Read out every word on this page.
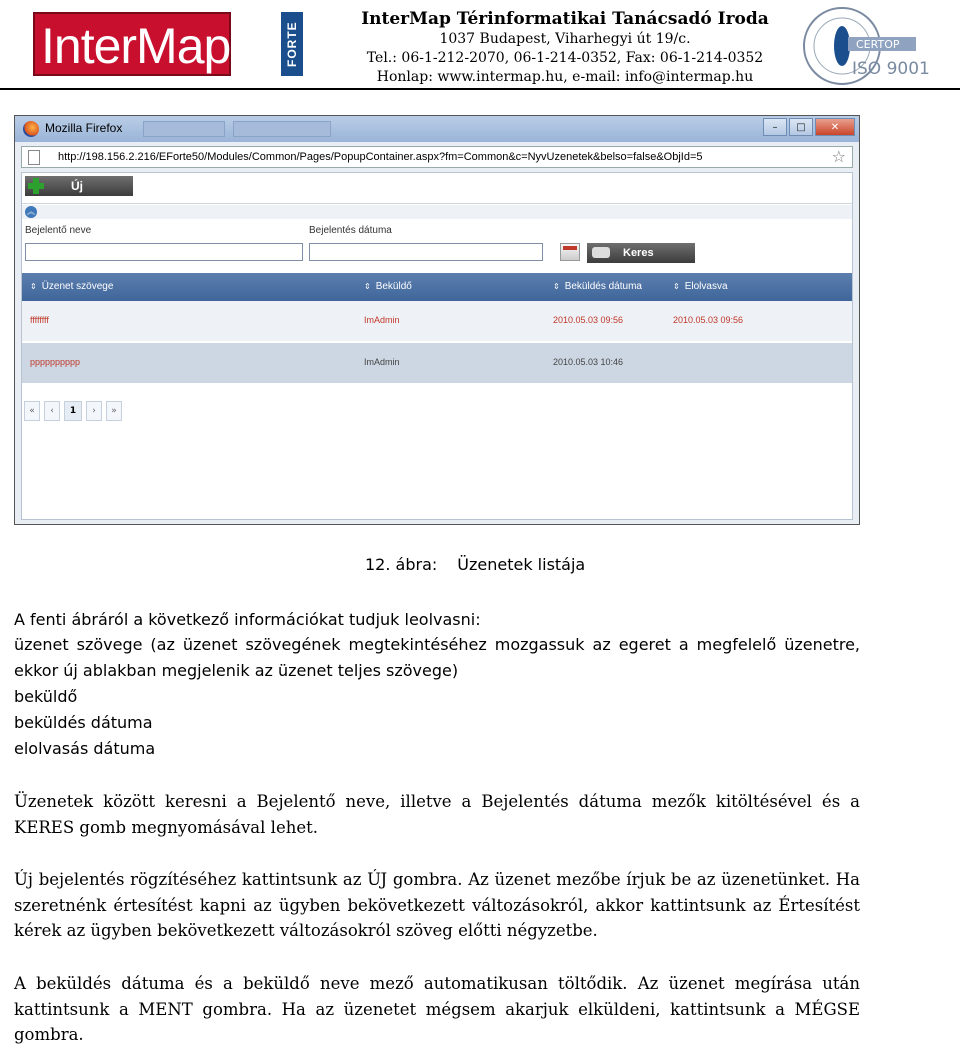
InterMap	® FORTE
InterMap Térinformatikai Tanácsadó Iroda
1037 Budapest, Viharhegyi út 19/c.
Tel.: 06-1-212-2070, 06-1-214-0352, Fax: 06-1-214-0352
Honlap: www.intermap.hu, e-mail: info@intermap.hu
CERTOP
ISO 9001
Mozilla Firefox	–	□	✕
http://198.156.2.216/EForte50/Modules/Common/Pages/PopupContainer.aspx?fm=Common&c=NyvUzenetek&belso=false&ObjId=5	☆
Új
︽
Bejelentő neve	Bejelentés dátuma
Keres
⇕ Üzenet szövege	⇕ Beküldő	⇕ Beküldés dátuma	⇕ Elolvasva
ffffffff	ImAdmin	2010.05.03 09:56	2010.05.03 09:56
pppppppppp	ImAdmin	2010.05.03 10:46
«	‹	1	›	»
12. ábra: Üzenetek listája
A fenti ábráról a következő információkat tudjuk leolvasni:
üzenet szövege (az üzenet szövegének megtekintéséhez mozgassuk az egeret a megfelelő üzenetre, ekkor új ablakban megjelenik az üzenet teljes szövege)
beküldő
beküldés dátuma
elolvasás dátuma
Üzenetek között keresni a Bejelentő neve, illetve a Bejelentés dátuma mezők kitöltésével és a KERES gomb megnyomásával lehet.
Új bejelentés rögzítéséhez kattintsunk az ÚJ gombra. Az üzenet mezőbe írjuk be az üzenetünket. Ha szeretnénk értesítést kapni az ügyben bekövetkezett változásokról, akkor kattintsunk az Értesítést kérek az ügyben bekövetkezett változásokról szöveg előtti négyzetbe.
A beküldés dátuma és a beküldő neve mező automatikusan töltődik. Az üzenet megírása után kattintsunk a MENT gombra. Ha az üzenetet mégsem akarjuk elküldeni, kattintsunk a MÉGSE gombra.
